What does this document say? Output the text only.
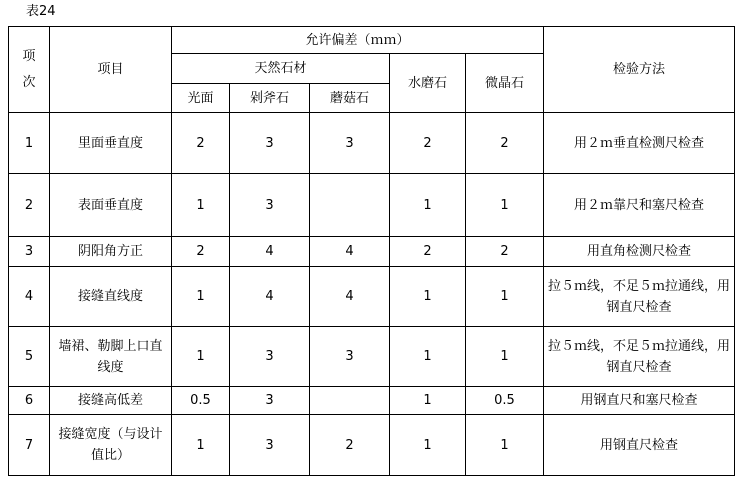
表24
项
次	项目	允许偏差（ｍｍ）					检验方法
		天然石材			水磨石	微晶石	
		光面	剁斧石	蘑菇石			
1	里面垂直度	2	3	3	2	2	用２ｍ垂直检测尺检查
2	表面垂直度	1	3		1	1	用２ｍ靠尺和塞尺检查
3	阴阳角方正	2	4	4	2	2	用直角检测尺检查
4	接缝直线度	1	4	4	1	1	拉５ｍ线，不足５ｍ拉通线，用钢直尺检查
5	墙裙、勒脚上口直线度	1	3	3	1	1	拉５ｍ线，不足５ｍ拉通线，用钢直尺检查
6	接缝高低差	0.5	3		1	0.5	用钢直尺和塞尺检查
7	接缝宽度（与设计值比）	1	3	2	1	1	用钢直尺检查
